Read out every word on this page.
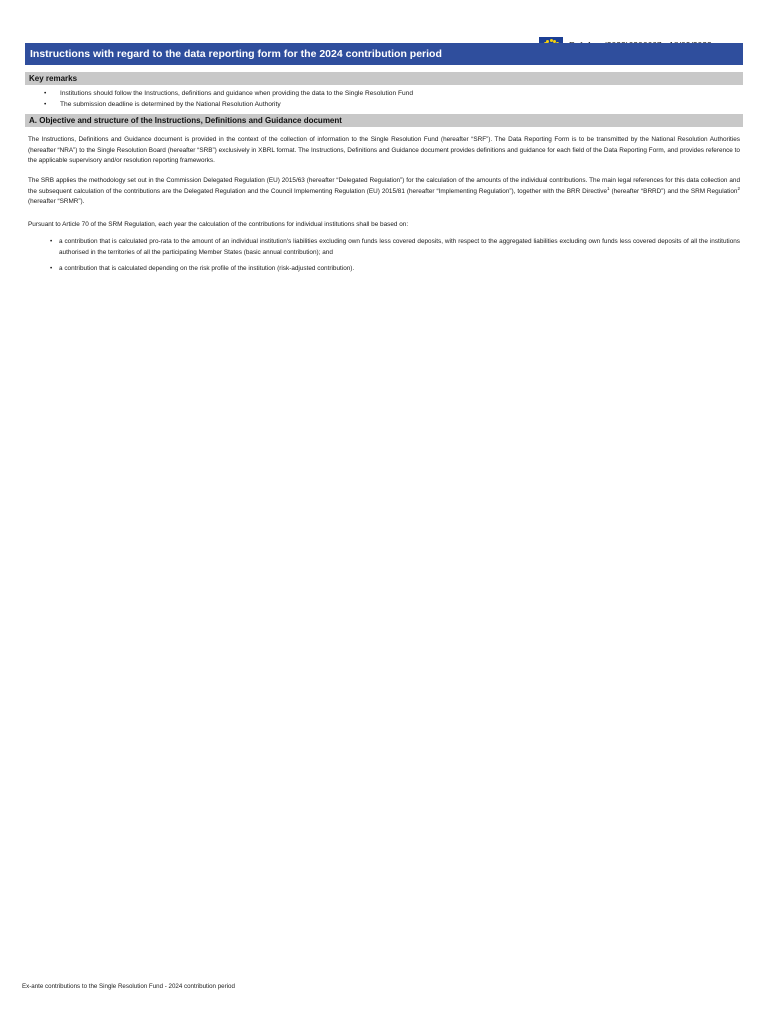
Instructions with regard to the data reporting form for the 2024 contribution period
Key remarks
• Institutions should follow the Instructions, definitions and guidance when providing the data to the Single Resolution Fund
• The submission deadline is determined by the National Resolution Authority
A. Objective and structure of the Instructions, Definitions and Guidance document

The Instructions, Definitions and Guidance document is provided in the context of the collection of information to the Single Resolution Fund (hereafter “SRF”). The Data Reporting Form is to be transmitted by the National Resolution Authorities (hereafter “NRA”) to the Single Resolution Board (hereafter “SRB”) exclusively in XBRL format. The Instructions, Definitions and Guidance document provides definitions and guidance for each field of the Data Reporting Form, and provides reference to the applicable supervisory and/or resolution reporting frameworks.

The SRB applies the methodology set out in the Commission Delegated Regulation (EU) 2015/63 (hereafter “Delegated Regulation”) for the calculation of the amounts of the individual contributions. The main legal references for this data collection and the subsequent calculation of the contributions are the Delegated Regulation and the Council Implementing Regulation (EU) 2015/81 (hereafter “Implementing Regulation”), together with the BRR Directive$^1$ (hereafter “BRRD”) and the SRM Regulation$^2$ (hereafter “SRMR”).

Pursuant to Article 70 of the SRM Regulation, each year the calculation of the contributions for individual institutions shall be based on:

• a contribution that is calculated pro-rata to the amount of an individual institution's liabilities excluding own funds less covered deposits, with respect to the aggregated liabilities excluding own funds less covered deposits of all the institutions authorised in the territories of all the participating Member States (basic annual contribution); and
• a contribution that is calculated depending on the risk profile of the institution (risk-adjusted contribution).
Ex-ante contributions to the Single Resolution Fund - 2024 contribution period
